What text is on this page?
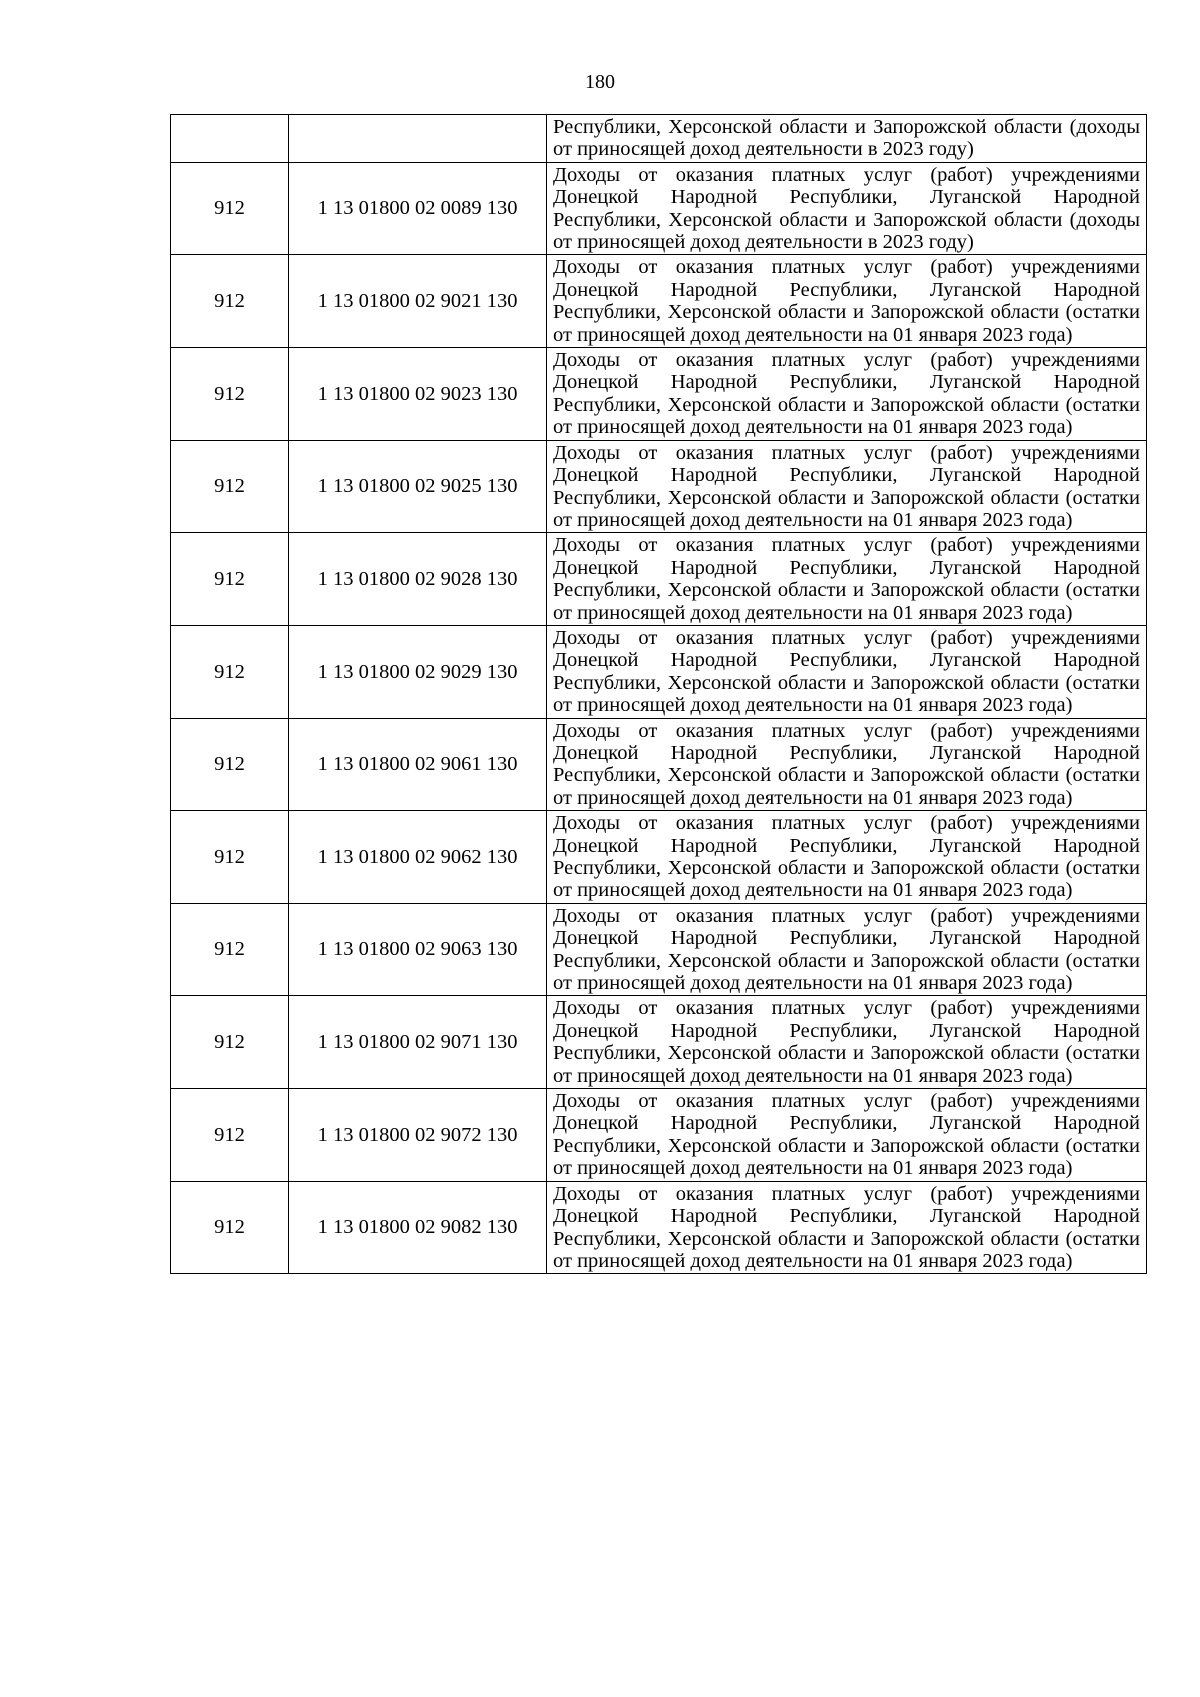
180
		Республики, Херсонской области и Запорожской области (доходы от приносящей доход деятельности в 2023 году)
912	1 13 01800 02 0089 130	Доходы от оказания платных услуг (работ) учреждениями Донецкой Народной Республики, Луганской Народной Республики, Херсонской области и Запорожской области (доходы от приносящей доход деятельности в 2023 году)
912	1 13 01800 02 9021 130	Доходы от оказания платных услуг (работ) учреждениями Донецкой Народной Республики, Луганской Народной Республики, Херсонской области и Запорожской области (остатки от приносящей доход деятельности на 01 января 2023 года)
912	1 13 01800 02 9023 130	Доходы от оказания платных услуг (работ) учреждениями Донецкой Народной Республики, Луганской Народной Республики, Херсонской области и Запорожской области (остатки от приносящей доход деятельности на 01 января 2023 года)
912	1 13 01800 02 9025 130	Доходы от оказания платных услуг (работ) учреждениями Донецкой Народной Республики, Луганской Народной Республики, Херсонской области и Запорожской области (остатки от приносящей доход деятельности на 01 января 2023 года)
912	1 13 01800 02 9028 130	Доходы от оказания платных услуг (работ) учреждениями Донецкой Народной Республики, Луганской Народной Республики, Херсонской области и Запорожской области (остатки от приносящей доход деятельности на 01 января 2023 года)
912	1 13 01800 02 9029 130	Доходы от оказания платных услуг (работ) учреждениями Донецкой Народной Республики, Луганской Народной Республики, Херсонской области и Запорожской области (остатки от приносящей доход деятельности на 01 января 2023 года)
912	1 13 01800 02 9061 130	Доходы от оказания платных услуг (работ) учреждениями Донецкой Народной Республики, Луганской Народной Республики, Херсонской области и Запорожской области (остатки от приносящей доход деятельности на 01 января 2023 года)
912	1 13 01800 02 9062 130	Доходы от оказания платных услуг (работ) учреждениями Донецкой Народной Республики, Луганской Народной Республики, Херсонской области и Запорожской области (остатки от приносящей доход деятельности на 01 января 2023 года)
912	1 13 01800 02 9063 130	Доходы от оказания платных услуг (работ) учреждениями Донецкой Народной Республики, Луганской Народной Республики, Херсонской области и Запорожской области (остатки от приносящей доход деятельности на 01 января 2023 года)
912	1 13 01800 02 9071 130	Доходы от оказания платных услуг (работ) учреждениями Донецкой Народной Республики, Луганской Народной Республики, Херсонской области и Запорожской области (остатки от приносящей доход деятельности на 01 января 2023 года)
912	1 13 01800 02 9072 130	Доходы от оказания платных услуг (работ) учреждениями Донецкой Народной Республики, Луганской Народной Республики, Херсонской области и Запорожской области (остатки от приносящей доход деятельности на 01 января 2023 года)
912	1 13 01800 02 9082 130	Доходы от оказания платных услуг (работ) учреждениями Донецкой Народной Республики, Луганской Народной Республики, Херсонской области и Запорожской области (остатки от приносящей доход деятельности на 01 января 2023 года)
